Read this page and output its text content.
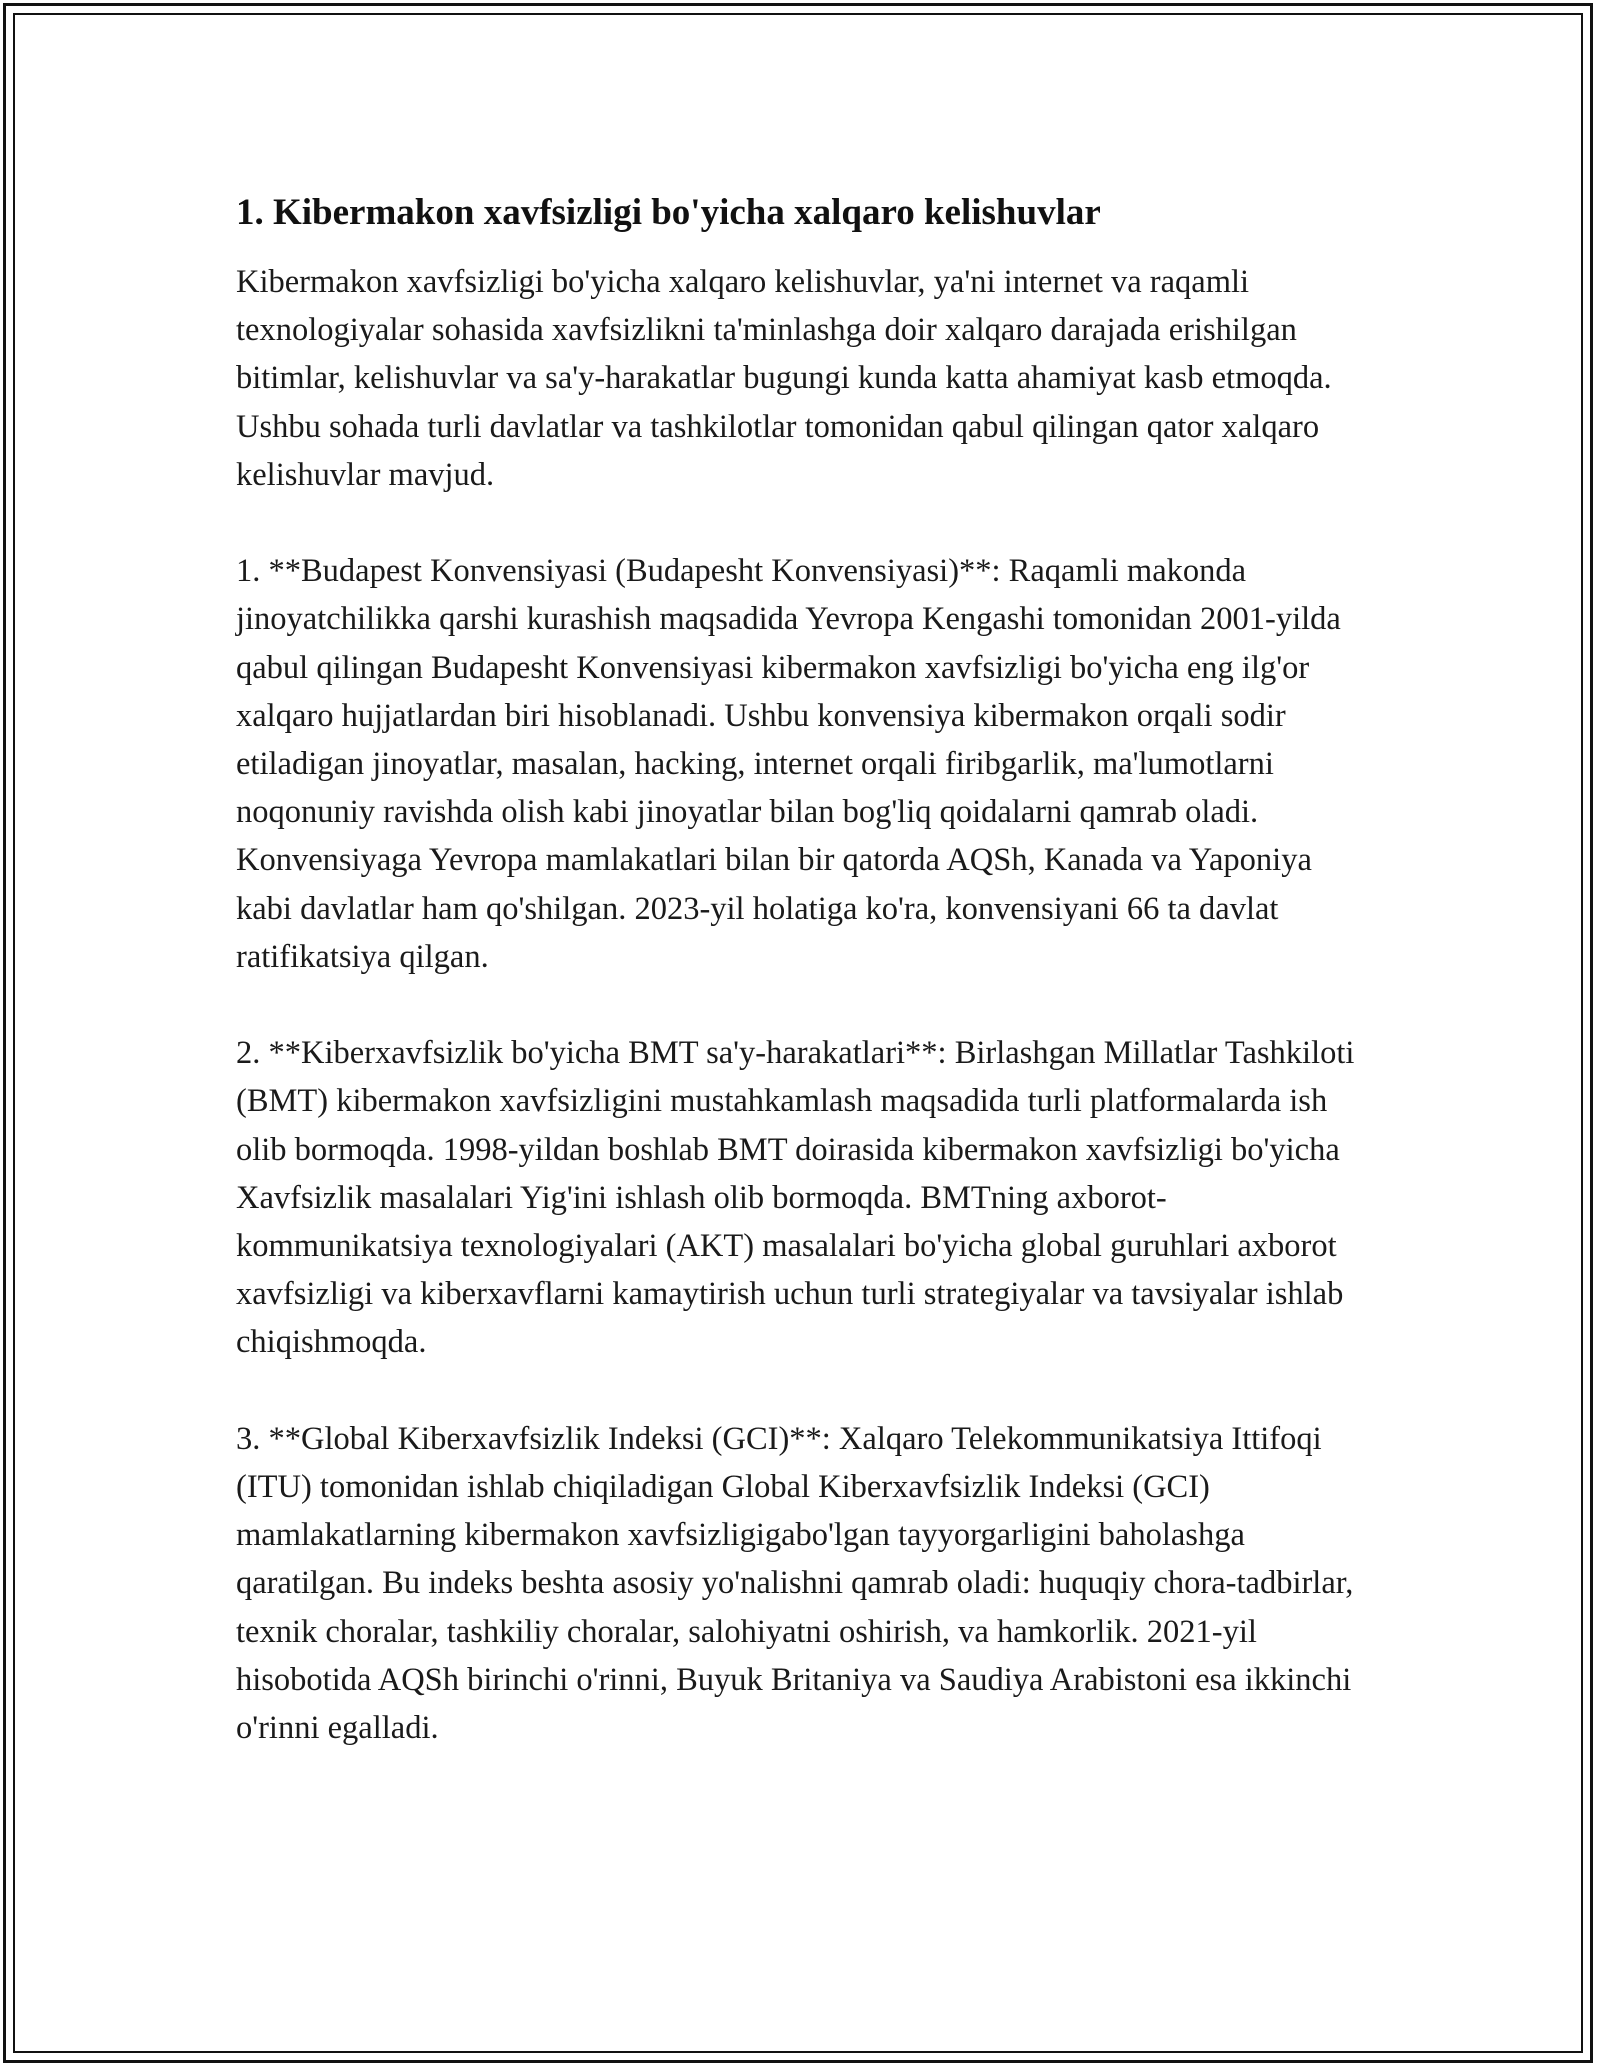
1. Kibermakon xavfsizligi bo'yicha xalqaro kelishuvlar

Kibermakon xavfsizligi bo'yicha xalqaro kelishuvlar, ya'ni internet va raqamli texnologiyalar sohasida xavfsizlikni ta'minlashga doir xalqaro darajada erishilgan bitimlar, kelishuvlar va sa'y-harakatlar bugungi kunda katta ahamiyat kasb etmoqda. Ushbu sohada turli davlatlar va tashkilotlar tomonidan qabul qilingan qator xalqaro kelishuvlar mavjud.

1. **Budapest Konvensiyasi (Budapesht Konvensiyasi)**: Raqamli makonda jinoyatchilikka qarshi kurashish maqsadida Yevropa Kengashi tomonidan 2001-yilda qabul qilingan Budapesht Konvensiyasi kibermakon xavfsizligi bo'yicha eng ilg'or xalqaro hujjatlardan biri hisoblanadi. Ushbu konvensiya kibermakon orqali sodir etiladigan jinoyatlar, masalan, hacking, internet orqali firibgarlik, ma'lumotlarni noqonuniy ravishda olish kabi jinoyatlar bilan bog'liq qoidalarni qamrab oladi. Konvensiyaga Yevropa mamlakatlari bilan bir qatorda AQSh, Kanada va Yaponiya kabi davlatlar ham qo'shilgan. 2023-yil holatiga ko'ra, konvensiyani 66 ta davlat ratifikatsiya qilgan.

2. **Kiberxavfsizlik bo'yicha BMT sa'y-harakatlari**: Birlashgan Millatlar Tashkiloti (BMT) kibermakon xavfsizligini mustahkamlash maqsadida turli platformalarda ish olib bormoqda. 1998-yildan boshlab BMT doirasida kibermakon xavfsizligi bo'yicha Xavfsizlik masalalari Yig'ini ishlash olib bormoqda. BMTning axborot-kommunikatsiya texnologiyalari (AKT) masalalari bo'yicha global guruhlari axborot xavfsizligi va kiberxavflarni kamaytirish uchun turli strategiyalar va tavsiyalar ishlab chiqishmoqda.

3. **Global Kiberxavfsizlik Indeksi (GCI)**: Xalqaro Telekommunikatsiya Ittifoqi (ITU) tomonidan ishlab chiqiladigan Global Kiberxavfsizlik Indeksi (GCI) mamlakatlarning kibermakon xavfsizligigabo'lgan tayyorgarligini baholashga qaratilgan. Bu indeks beshta asosiy yo'nalishni qamrab oladi: huquqiy chora-tadbirlar, texnik choralar, tashkiliy choralar, salohiyatni oshirish, va hamkorlik. 2021-yil hisobotida AQSh birinchi o'rinni, Buyuk Britaniya va Saudiya Arabistoni esa ikkinchi o'rinni egalladi.
